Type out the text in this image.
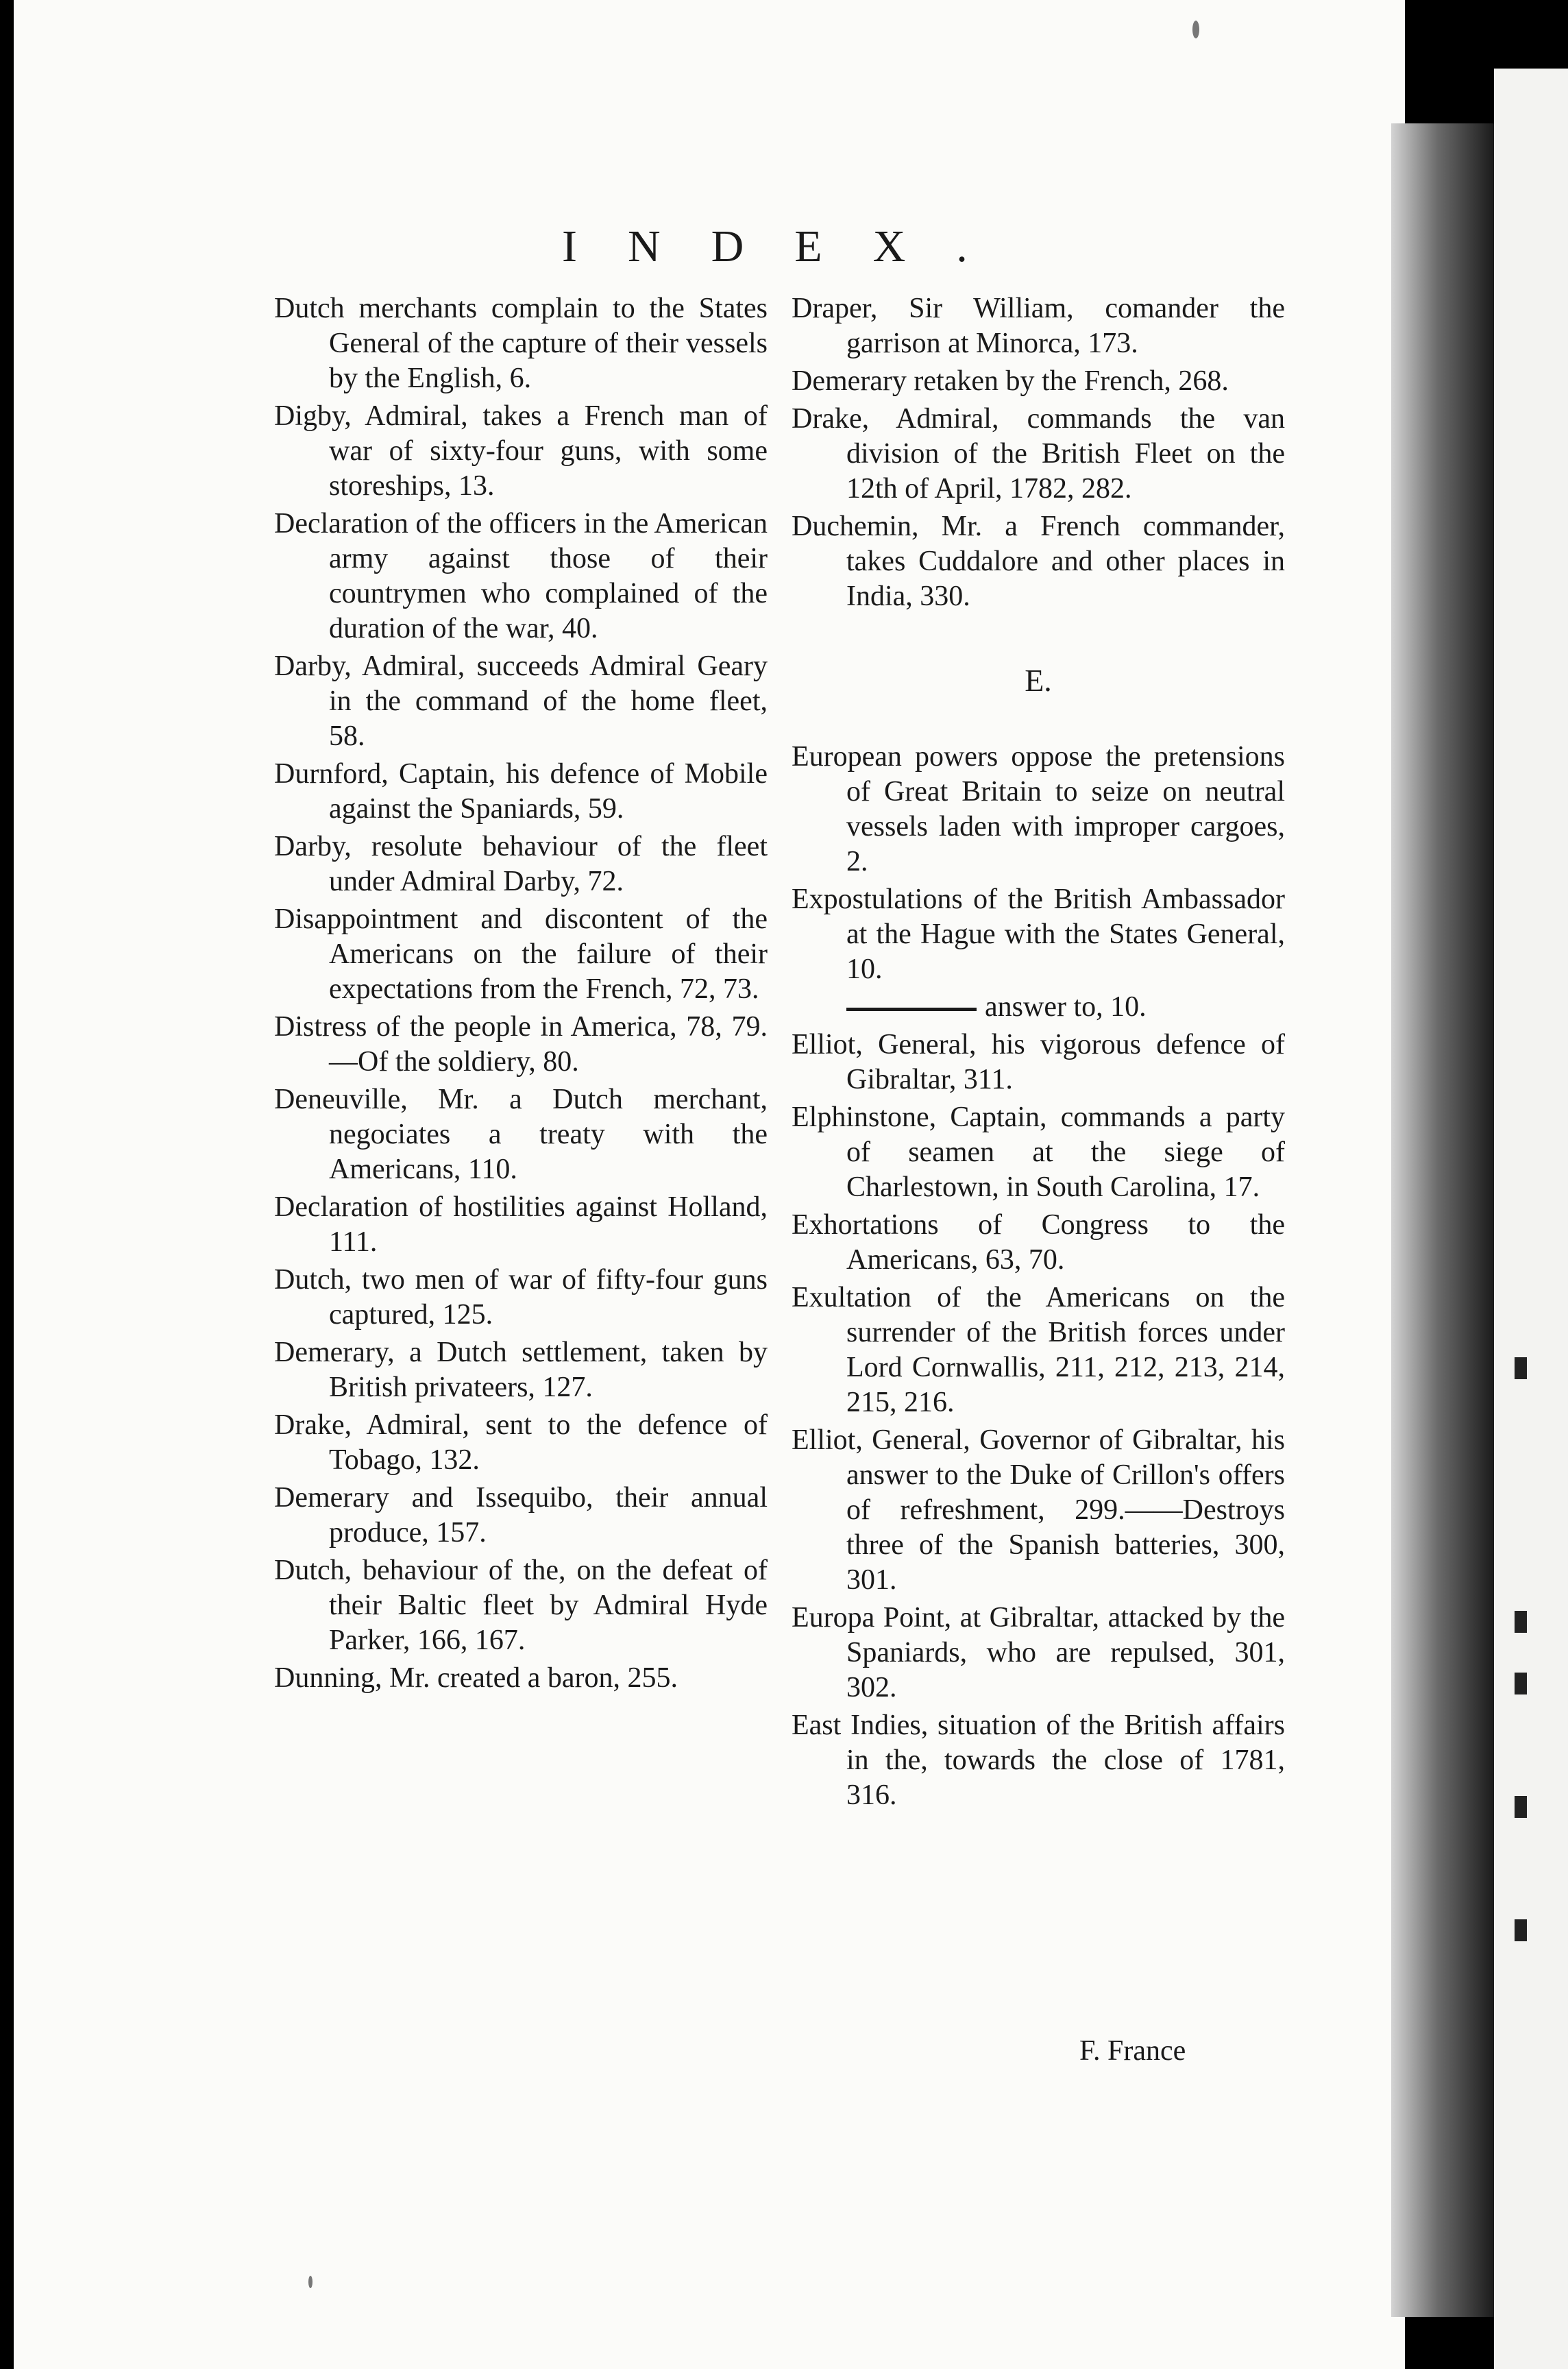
INDEX.

Dutch merchants complain to the States General of the capture of their vessels by the English, 6.

Digby, Admiral, takes a French man of war of sixty-four guns, with some storeships, 13.

Declaration of the officers in the American army against those of their countrymen who complained of the duration of the war, 40.

Darby, Admiral, succeeds Admiral Geary in the command of the home fleet, 58.

Durnford, Captain, his defence of Mobile against the Spaniards, 59.

Darby, resolute behaviour of the fleet under Admiral Darby, 72.

Disappointment and discontent of the Americans on the failure of their expectations from the French, 72, 73.

Distress of the people in America, 78, 79.—Of the soldiery, 80.

Deneuville, Mr. a Dutch merchant, negociates a treaty with the Americans, 110.

Declaration of hostilities against Holland, 111.

Dutch, two men of war of fifty-four guns captured, 125.

Demerary, a Dutch settlement, taken by British privateers, 127.

Drake, Admiral, sent to the defence of Tobago, 132.

Demerary and Issequibo, their annual produce, 157.

Dutch, behaviour of the, on the defeat of their Baltic fleet by Admiral Hyde Parker, 166, 167.

Dunning, Mr. created a baron, 255.

Draper, Sir William, comander the garrison at Minorca, 173.

Demerary retaken by the French, 268.

Drake, Admiral, commands the van division of the British Fleet on the 12th of April, 1782, 282.

Duchemin, Mr. a French commander, takes Cuddalore and other places in India, 330.

E.

European powers oppose the pretensions of Great Britain to seize on neutral vessels laden with improper cargoes, 2.

Expostulations of the British Ambassador at the Hague with the States General, 10.

answer to, 10.

Elliot, General, his vigorous defence of Gibraltar, 311.

Elphinstone, Captain, commands a party of seamen at the siege of Charlestown, in South Carolina, 17.

Exhortations of Congress to the Americans, 63, 70.

Exultation of the Americans on the surrender of the British forces under Lord Cornwallis, 211, 212, 213, 214, 215, 216.

Elliot, General, Governor of Gibraltar, his answer to the Duke of Crillon's offers of refreshment, 299.——Destroys three of the Spanish batteries, 300, 301.

Europa Point, at Gibraltar, attacked by the Spaniards, who are repulsed, 301, 302.

East Indies, situation of the British affairs in the, towards the close of 1781, 316.

F. France
